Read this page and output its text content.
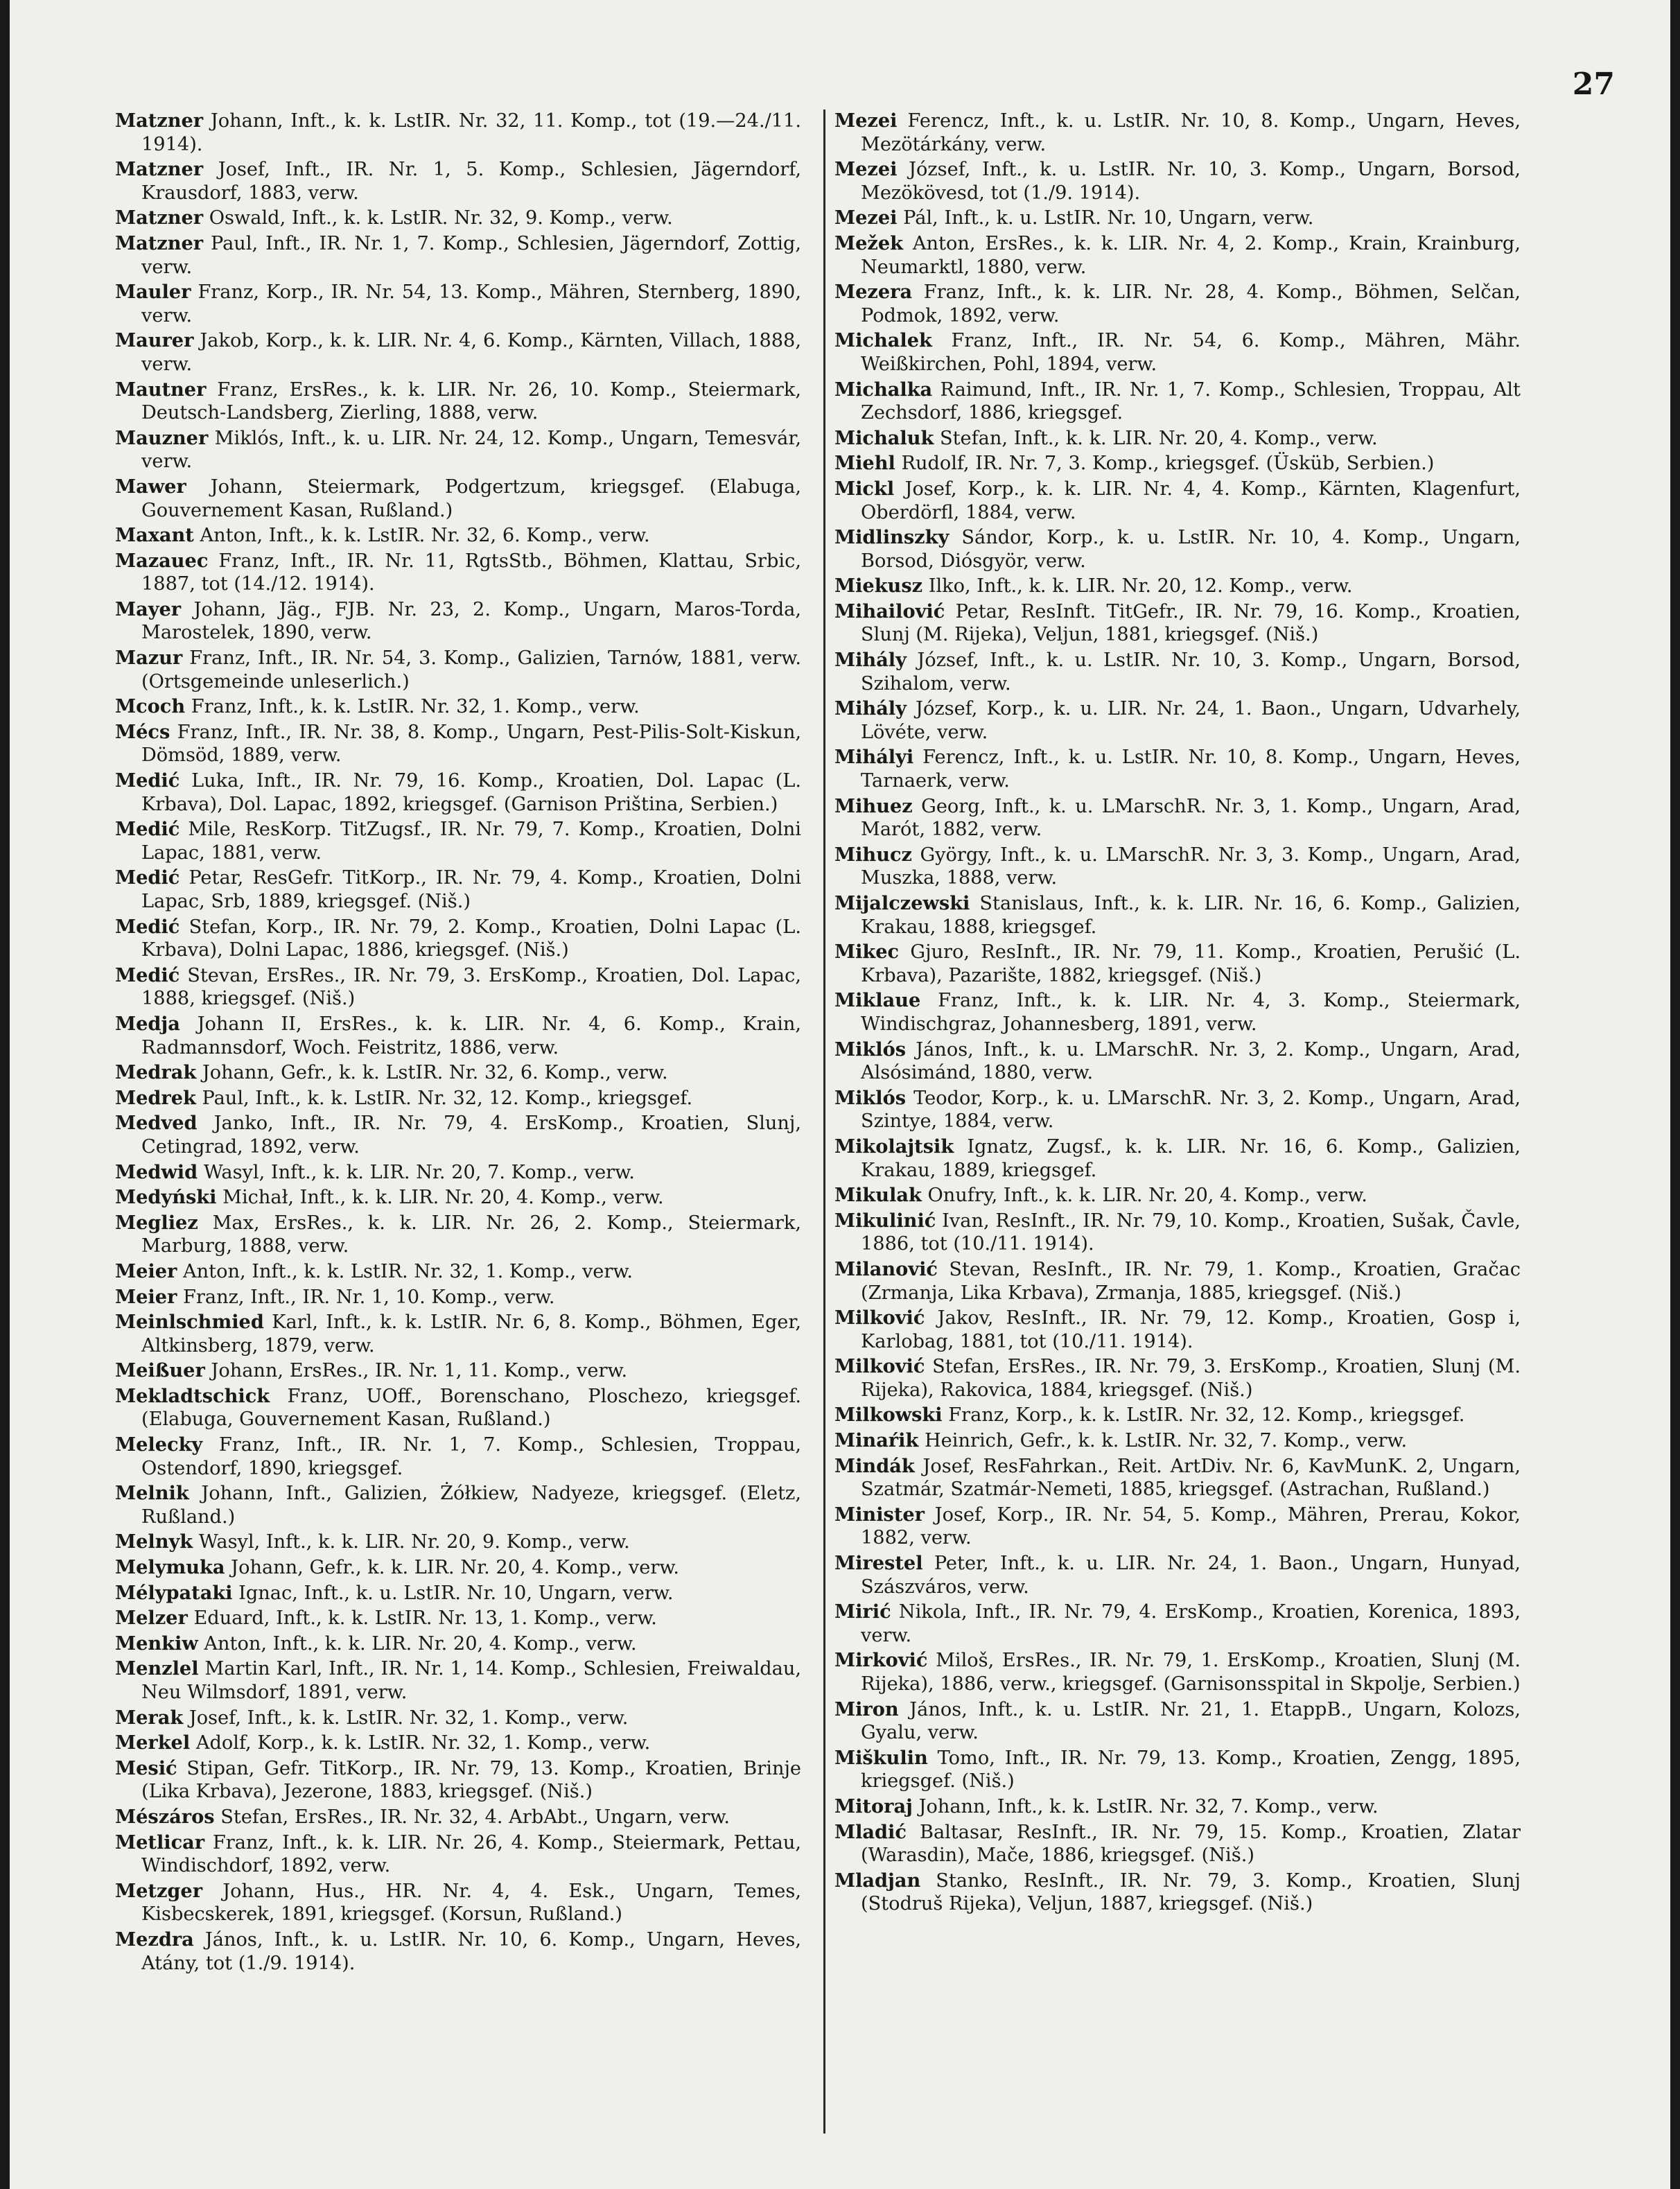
27

Matzner Johann, Inft., k. k. LstIR. Nr. 32, 11. Komp., tot (19.—24./11. 1914).

Matzner Josef, Inft., IR. Nr. 1, 5. Komp., Schlesien, Jägerndorf, Krausdorf, 1883, verw.

Matzner Oswald, Inft., k. k. LstIR. Nr. 32, 9. Komp., verw.

Matzner Paul, Inft., IR. Nr. 1, 7. Komp., Schlesien, Jägerndorf, Zottig, verw.

Mauler Franz, Korp., IR. Nr. 54, 13. Komp., Mähren, Sternberg, 1890, verw.

Maurer Jakob, Korp., k. k. LIR. Nr. 4, 6. Komp., Kärnten, Villach, 1888, verw.

Mautner Franz, ErsRes., k. k. LIR. Nr. 26, 10. Komp., Steiermark, Deutsch-Landsberg, Zierling, 1888, verw.

Mauzner Miklós, Inft., k. u. LIR. Nr. 24, 12. Komp., Ungarn, Temesvár, verw.

Mawer Johann, Steiermark, Podgertzum, kriegsgef. (Elabuga, Gouvernement Kasan, Rußland.)

Maxant Anton, Inft., k. k. LstIR. Nr. 32, 6. Komp., verw.

Mazauec Franz, Inft., IR. Nr. 11, RgtsStb., Böhmen, Klattau, Srbic, 1887, tot (14./12. 1914).

Mayer Johann, Jäg., FJB. Nr. 23, 2. Komp., Ungarn, Maros-Torda, Marostelek, 1890, verw.

Mazur Franz, Inft., IR. Nr. 54, 3. Komp., Galizien, Tarnów, 1881, verw. (Ortsgemeinde unleserlich.)

Mcoch Franz, Inft., k. k. LstIR. Nr. 32, 1. Komp., verw.

Mécs Franz, Inft., IR. Nr. 38, 8. Komp., Ungarn, Pest-Pilis-Solt-Kiskun, Dömsöd, 1889, verw.

Medić Luka, Inft., IR. Nr. 79, 16. Komp., Kroatien, Dol. Lapac (L. Krbava), Dol. Lapac, 1892, kriegsgef. (Garnison Priština, Serbien.)

Medić Mile, ResKorp. TitZugsf., IR. Nr. 79, 7. Komp., Kroatien, Dolni Lapac, 1881, verw.

Medić Petar, ResGefr. TitKorp., IR. Nr. 79, 4. Komp., Kroatien, Dolni Lapac, Srb, 1889, kriegsgef. (Niš.)

Medić Stefan, Korp., IR. Nr. 79, 2. Komp., Kroatien, Dolni Lapac (L. Krbava), Dolni Lapac, 1886, kriegsgef. (Niš.)

Medić Stevan, ErsRes., IR. Nr. 79, 3. ErsKomp., Kroatien, Dol. Lapac, 1888, kriegsgef. (Niš.)

Medja Johann II, ErsRes., k. k. LIR. Nr. 4, 6. Komp., Krain, Radmannsdorf, Woch. Feistritz, 1886, verw.

Medrak Johann, Gefr., k. k. LstIR. Nr. 32, 6. Komp., verw.

Medrek Paul, Inft., k. k. LstIR. Nr. 32, 12. Komp., kriegsgef.

Medved Janko, Inft., IR. Nr. 79, 4. ErsKomp., Kroatien, Slunj, Cetingrad, 1892, verw.

Medwid Wasyl, Inft., k. k. LIR. Nr. 20, 7. Komp., verw.

Medyński Michał, Inft., k. k. LIR. Nr. 20, 4. Komp., verw.

Megliez Max, ErsRes., k. k. LIR. Nr. 26, 2. Komp., Steiermark, Marburg, 1888, verw.

Meier Anton, Inft., k. k. LstIR. Nr. 32, 1. Komp., verw.

Meier Franz, Inft., IR. Nr. 1, 10. Komp., verw.

Meinlschmied Karl, Inft., k. k. LstIR. Nr. 6, 8. Komp., Böhmen, Eger, Altkinsberg, 1879, verw.

Meißuer Johann, ErsRes., IR. Nr. 1, 11. Komp., verw.

Mekladtschick Franz, UOff., Borenschano, Ploschezo, kriegsgef. (Elabuga, Gouvernement Kasan, Rußland.)

Melecky Franz, Inft., IR. Nr. 1, 7. Komp., Schlesien, Troppau, Ostendorf, 1890, kriegsgef.

Melnik Johann, Inft., Galizien, Żółkiew, Nadyeze, kriegsgef. (Eletz, Rußland.)

Melnyk Wasyl, Inft., k. k. LIR. Nr. 20, 9. Komp., verw.

Melymuka Johann, Gefr., k. k. LIR. Nr. 20, 4. Komp., verw.

Mélypataki Ignac, Inft., k. u. LstIR. Nr. 10, Ungarn, verw.

Melzer Eduard, Inft., k. k. LstIR. Nr. 13, 1. Komp., verw.

Menkiw Anton, Inft., k. k. LIR. Nr. 20, 4. Komp., verw.

Menzlel Martin Karl, Inft., IR. Nr. 1, 14. Komp., Schlesien, Freiwaldau, Neu Wilmsdorf, 1891, verw.

Merak Josef, Inft., k. k. LstIR. Nr. 32, 1. Komp., verw.

Merkel Adolf, Korp., k. k. LstIR. Nr. 32, 1. Komp., verw.

Mesić Stipan, Gefr. TitKorp., IR. Nr. 79, 13. Komp., Kroatien, Brinje (Lika Krbava), Jezerone, 1883, kriegsgef. (Niš.)

Mészáros Stefan, ErsRes., IR. Nr. 32, 4. ArbAbt., Ungarn, verw.

Metlicar Franz, Inft., k. k. LIR. Nr. 26, 4. Komp., Steiermark, Pettau, Windischdorf, 1892, verw.

Metzger Johann, Hus., HR. Nr. 4, 4. Esk., Ungarn, Temes, Kisbecskerek, 1891, kriegsgef. (Korsun, Rußland.)

Mezdra János, Inft., k. u. LstIR. Nr. 10, 6. Komp., Ungarn, Heves, Atány, tot (1./9. 1914).

Mezei Ferencz, Inft., k. u. LstIR. Nr. 10, 8. Komp., Ungarn, Heves, Mezötárkány, verw.

Mezei József, Inft., k. u. LstIR. Nr. 10, 3. Komp., Ungarn, Borsod, Mezökövesd, tot (1./9. 1914).

Mezei Pál, Inft., k. u. LstIR. Nr. 10, Ungarn, verw.

Mežek Anton, ErsRes., k. k. LIR. Nr. 4, 2. Komp., Krain, Krainburg, Neumarktl, 1880, verw.

Mezera Franz, Inft., k. k. LIR. Nr. 28, 4. Komp., Böhmen, Selčan, Podmok, 1892, verw.

Michalek Franz, Inft., IR. Nr. 54, 6. Komp., Mähren, Mähr. Weißkirchen, Pohl, 1894, verw.

Michalka Raimund, Inft., IR. Nr. 1, 7. Komp., Schlesien, Troppau, Alt Zechsdorf, 1886, kriegsgef.

Michaluk Stefan, Inft., k. k. LIR. Nr. 20, 4. Komp., verw.

Miehl Rudolf, IR. Nr. 7, 3. Komp., kriegsgef. (Üsküb, Serbien.)

Mickl Josef, Korp., k. k. LIR. Nr. 4, 4. Komp., Kärnten, Klagenfurt, Oberdörfl, 1884, verw.

Midlinszky Sándor, Korp., k. u. LstIR. Nr. 10, 4. Komp., Ungarn, Borsod, Diósgyör, verw.

Miekusz Ilko, Inft., k. k. LIR. Nr. 20, 12. Komp., verw.

Mihailović Petar, ResInft. TitGefr., IR. Nr. 79, 16. Komp., Kroatien, Slunj (M. Rijeka), Veljun, 1881, kriegsgef. (Niš.)

Mihály József, Inft., k. u. LstIR. Nr. 10, 3. Komp., Ungarn, Borsod, Szihalom, verw.

Mihály József, Korp., k. u. LIR. Nr. 24, 1. Baon., Ungarn, Udvarhely, Lövéte, verw.

Mihályi Ferencz, Inft., k. u. LstIR. Nr. 10, 8. Komp., Ungarn, Heves, Tarnaerk, verw.

Mihuez Georg, Inft., k. u. LMarschR. Nr. 3, 1. Komp., Ungarn, Arad, Marót, 1882, verw.

Mihucz György, Inft., k. u. LMarschR. Nr. 3, 3. Komp., Ungarn, Arad, Muszka, 1888, verw.

Mijalczewski Stanislaus, Inft., k. k. LIR. Nr. 16, 6. Komp., Galizien, Krakau, 1888, kriegsgef.

Mikec Gjuro, ResInft., IR. Nr. 79, 11. Komp., Kroatien, Perušić (L. Krbava), Pazarište, 1882, kriegsgef. (Niš.)

Miklaue Franz, Inft., k. k. LIR. Nr. 4, 3. Komp., Steiermark, Windischgraz, Johannesberg, 1891, verw.

Miklós János, Inft., k. u. LMarschR. Nr. 3, 2. Komp., Ungarn, Arad, Alsósimánd, 1880, verw.

Miklós Teodor, Korp., k. u. LMarschR. Nr. 3, 2. Komp., Ungarn, Arad, Szintye, 1884, verw.

Mikolajtsik Ignatz, Zugsf., k. k. LIR. Nr. 16, 6. Komp., Galizien, Krakau, 1889, kriegsgef.

Mikulak Onufry, Inft., k. k. LIR. Nr. 20, 4. Komp., verw.

Mikulinić Ivan, ResInft., IR. Nr. 79, 10. Komp., Kroatien, Sušak, Čavle, 1886, tot (10./11. 1914).

Milanović Stevan, ResInft., IR. Nr. 79, 1. Komp., Kroatien, Gračac (Zrmanja, Lika Krbava), Zrmanja, 1885, kriegsgef. (Niš.)

Milković Jakov, ResInft., IR. Nr. 79, 12. Komp., Kroatien, Gosp i, Karlobag, 1881, tot (10./11. 1914).

Milković Stefan, ErsRes., IR. Nr. 79, 3. ErsKomp., Kroatien, Slunj (M. Rijeka), Rakovica, 1884, kriegsgef. (Niš.)

Milkowski Franz, Korp., k. k. LstIR. Nr. 32, 12. Komp., kriegsgef.

Minaŕik Heinrich, Gefr., k. k. LstIR. Nr. 32, 7. Komp., verw.

Mindák Josef, ResFahrkan., Reit. ArtDiv. Nr. 6, KavMunK. 2, Ungarn, Szatmár, Szatmár-Nemeti, 1885, kriegsgef. (Astrachan, Rußland.)

Minister Josef, Korp., IR. Nr. 54, 5. Komp., Mähren, Prerau, Kokor, 1882, verw.

Mirestel Peter, Inft., k. u. LIR. Nr. 24, 1. Baon., Ungarn, Hunyad, Szászváros, verw.

Mirić Nikola, Inft., IR. Nr. 79, 4. ErsKomp., Kroatien, Korenica, 1893, verw.

Mirković Miloš, ErsRes., IR. Nr. 79, 1. ErsKomp., Kroatien, Slunj (M. Rijeka), 1886, verw., kriegsgef. (Garnisonsspital in Skpolje, Serbien.)

Miron János, Inft., k. u. LstIR. Nr. 21, 1. EtappB., Ungarn, Kolozs, Gyalu, verw.

Miškulin Tomo, Inft., IR. Nr. 79, 13. Komp., Kroatien, Zengg, 1895, kriegsgef. (Niš.)

Mitoraj Johann, Inft., k. k. LstIR. Nr. 32, 7. Komp., verw.

Mladić Baltasar, ResInft., IR. Nr. 79, 15. Komp., Kroatien, Zlatar (Warasdin), Mače, 1886, kriegsgef. (Niš.)

Mladjan Stanko, ResInft., IR. Nr. 79, 3. Komp., Kroatien, Slunj (Stodruš Rijeka), Veljun, 1887, kriegsgef. (Niš.)
